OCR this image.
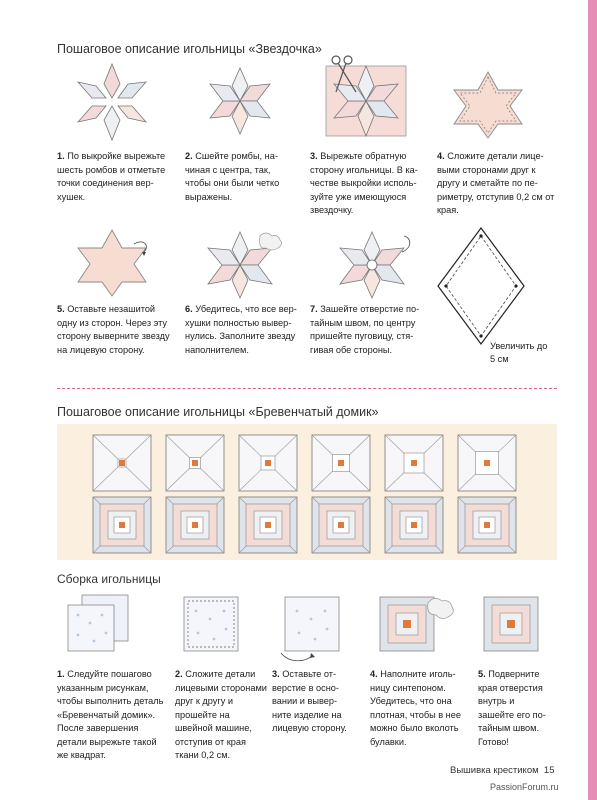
Пошаговое описание игольницы «Звездочка»
1. По выкройке вырежьте шесть ромбов и отметьте точки соединения верхушек.
2. Сшейте ромбы, начиная с центра, так, чтобы они были четко выражены.
3. Вырежьте обратную сторону игольницы. В качестве выкройки используйте уже имеющуюся звездочку.
4. Сложите детали лицевыми сторонами друг к другу и сметайте по периметру, отступив 0,2 см от края.
5. Оставьте незашитой одну из сторон. Через эту сторону выверните звезду на лицевую сторону.
6. Убедитесь, что все верхушки полностью вывернулись. Заполните звезду наполнителем.
7. Зашейте отверстие потайным швом, по центру пришейте пуговицу, стягивая обе стороны.	Увеличить до 5 см
Пошаговое описание игольницы «Бревенчатый домик»
Сборка игольницы
1. Следуйте пошагово указанным рисункам, чтобы выполнить деталь «Бревенчатый домик». После завершения детали вырежьте такой же квадрат.
2. Сложите детали лицевыми сторонами друг к другу и прошейте на швейной машине, отступив от края ткани 0,2 см.
3. Оставьте отверстие в основании и выверните изделие на лицевую сторону.
4. Наполните игольницу синтепоном. Убедитесь, что она плотная, чтобы в нее можно было вколоть булавки.
5. Подверните края отверстия внутрь и зашейте его потайным швом. Готово!
Вышивка крестиком 15
PassionForum.ru
